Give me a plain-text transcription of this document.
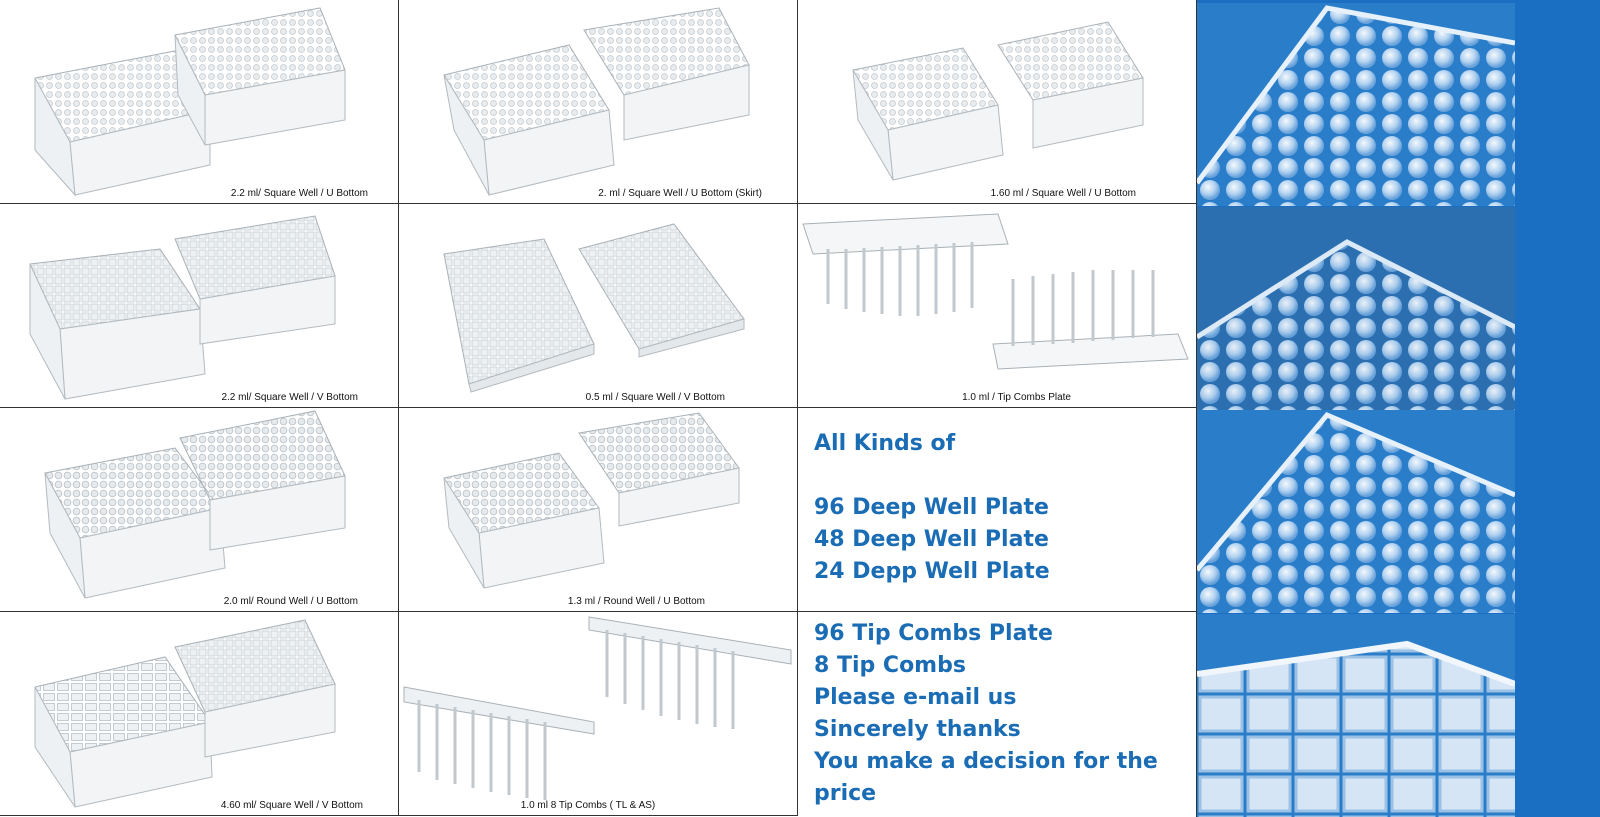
2.2 ml/ Square Well / U Bottom	2. ml / Square Well / U Bottom (Skirt)	1.60 ml / Square Well / U Bottom
2.2 ml/ Square Well / V Bottom	0.5 ml / Square Well / V Bottom	1.0 ml / Tip Combs Plate
2.0 ml/ Round Well / U Bottom	1.3 ml / Round Well / U Bottom

All Kinds of

96 Deep Well Plate

48 Deep Well Plate

24 Depp Well Plate

4.60 ml/ Square Well / V Bottom	1.0 ml 8 Tip Combs ( TL & AS)

96 Tip Combs Plate

8 Tip Combs

Please e-mail us

Sincerely thanks

You make a decision for the price
